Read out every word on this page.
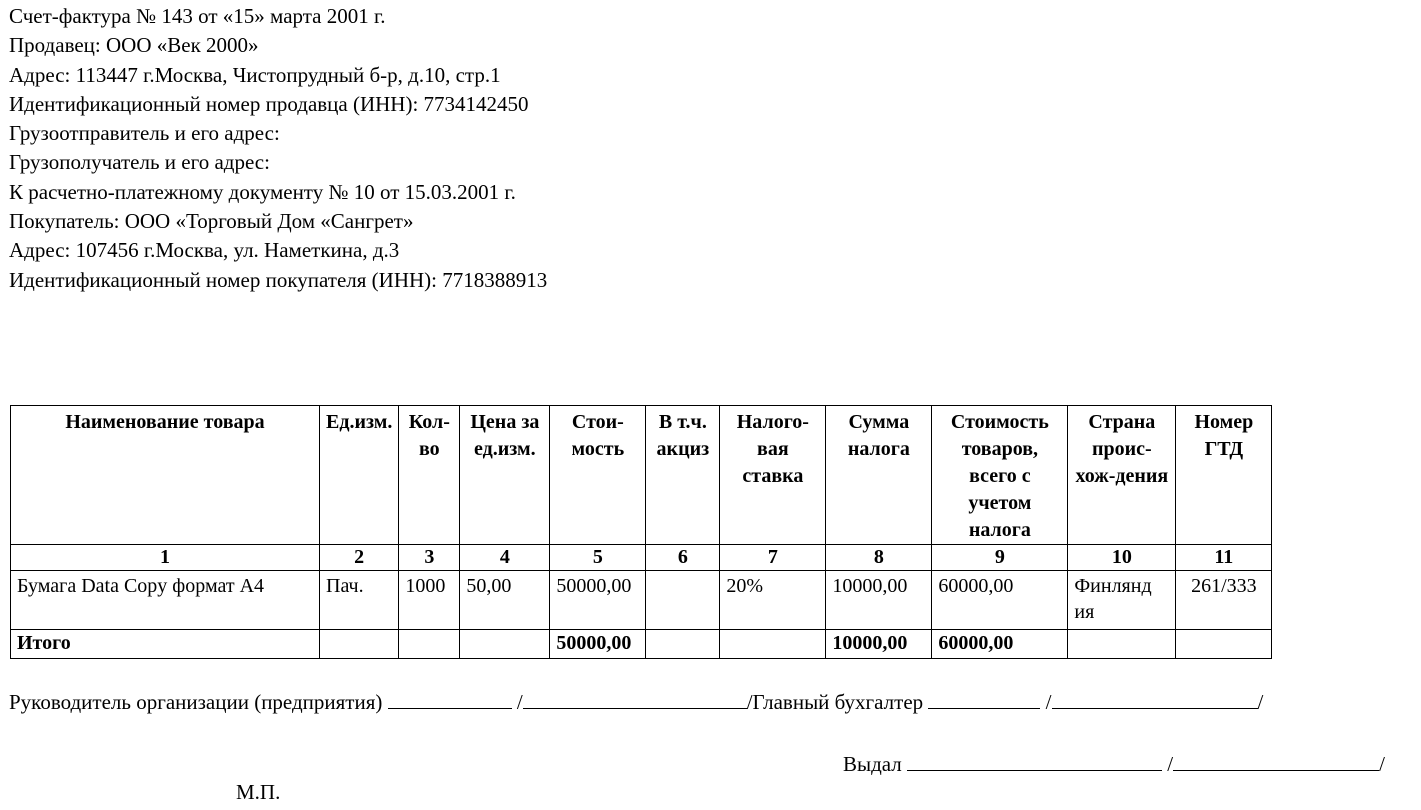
Счет-фактура № 143 от «15» марта 2001 г.
Продавец: ООО «Век 2000»
Адрес: 113447 г.Москва, Чистопрудный б-р, д.10, стр.1
Идентификационный номер продавца (ИНН): 7734142450
Грузоотправитель и его адрес:
Грузополучатель и его адрес:
К расчетно-платежному документу № 10 от 15.03.2001 г.
Покупатель: ООО «Торговый Дом «Сангрет»
Адрес: 107456 г.Москва, ул. Наметкина, д.3
Идентификационный номер покупателя (ИНН): 7718388913
Наименование товара	Ед.изм.	Кол-во	Цена за ед.изм.	Стои-мость	В т.ч. акциз	Налого-вая ставка	Сумма налога	Стоимость товаров, всего с учетом налога	Страна проис-хож-дения	Номер ГТД
1	2	3	4	5	6	7	8	9	10	11
Бумага Data Copy формат А4	Пач.	1000	50,00	50000,00		20%	10000,00	60000,00	Финлянд ия	261/333
Итого				50000,00			10000,00	60000,00		
Руководитель организации (предприятия)	/	/Главный бухгалтер	/	/
Выдал	/	/
М.П.
